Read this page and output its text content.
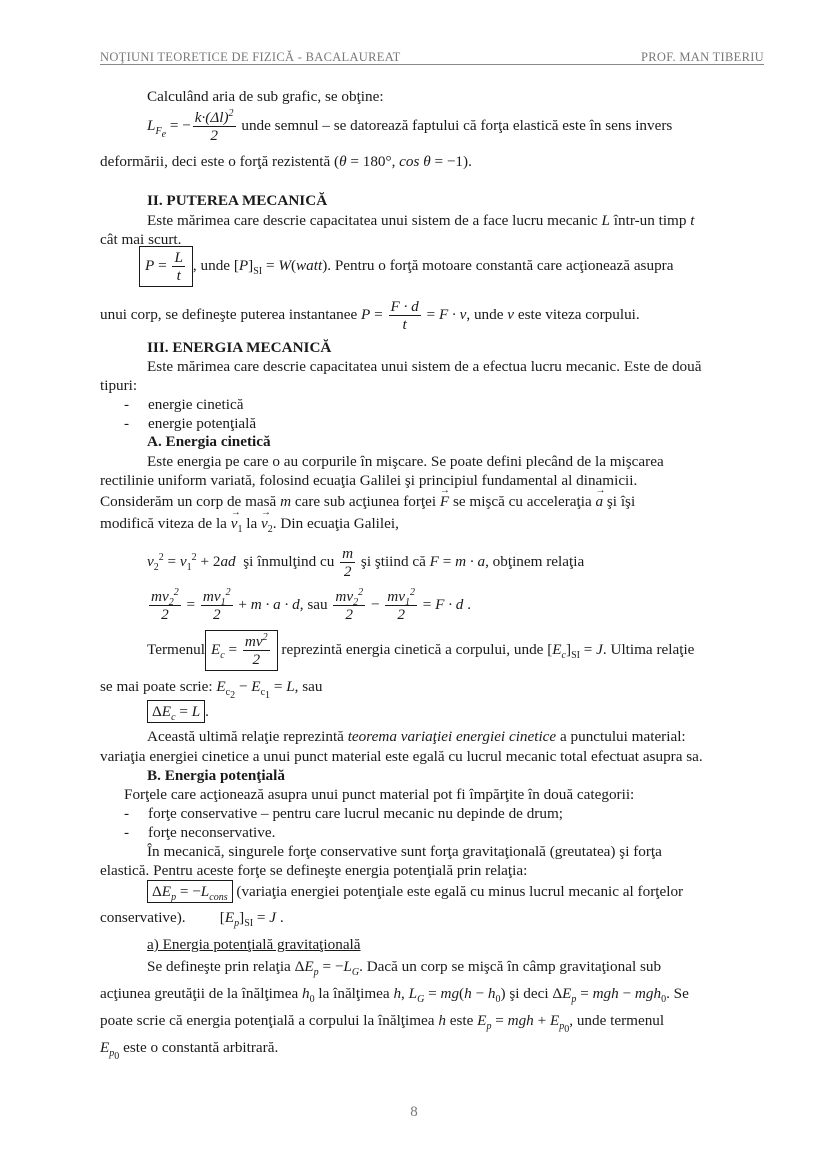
NOŢIUNI TEORETICE DE FIZICĂ - BACALAUREAT	PROF. MAN TIBERIU
Calculând aria de sub grafic, se obţine:
$L_{F_e}$ = − $\frac{k\cdot(\Delta l)^2}{2}$ unde semnul – se datorează faptului că forţa elastică este în sens invers
deformării, deci este o forţă rezistentă (θ = 180°, cos θ = −1).
II. PUTEREA MECANICĂ
Este mărimea care descrie capacitatea unui sistem de a face lucru mecanic L într-un timp t
cât mai scurt.
$P = \frac{L}{t}$ , unde $[P]_{SI}$ = W(watt). Pentru o forţă motoare constantă care acţionează asupra
unui corp, se defineşte puterea instantanee $P = \frac{F \cdot d}{t} = F \cdot v$, unde v este viteza corpului.
III. ENERGIA MECANICĂ
Este mărimea care descrie capacitatea unui sistem de a efectua lucru mecanic. Este de două
tipuri:
-     energie cinetică
-     energie potenţială
A. Energia cinetică
Este energia pe care o au corpurile în mişcare. Se poate defini plecând de la mişcarea
rectilinie uniform variată, folosind ecuaţia Galilei şi principiul fundamental al dinamicii.
Considerăm un corp de masă m care sub acţiunea forţei → F se mişcă cu acceleraţia → a şi îşi
modifică viteza de la → $v_1$ la → $v_2$. Din ecuaţia Galilei,
$v_2^2 = v_1^2 + 2ad$ şi înmulţind cu $\frac{m}{2}$ şi ştiind că F = m · a, obţinem relaţia
$\frac{mv_2^2}{2} = \frac{mv_1^2}{2} + m \cdot a \cdot d$, sau $\frac{mv_2^2}{2} - \frac{mv_1^2}{2} = F \cdot d$ .
Termenul $E_c = \frac{mv^2}{2}$ reprezintă energia cinetică a corpului, unde $[E_c]_{SI} = J$. Ultima relaţie
se mai poate scrie: $E_{c_2} - E_{c_1} = L$, sau
$\Delta E_c = L$ .
Această ultimă relaţie reprezintă teorema variaţiei energiei cinetice a punctului material:
variaţia energiei cinetice a unui punct material este egală cu lucrul mecanic total efectuat asupra sa.
B. Energia potenţială
Forţele care acţionează asupra unui punct material pot fi împărţite în două categorii:
-     forţe conservative – pentru care lucrul mecanic nu depinde de drum;
-     forţe neconservative.
În mecanică, singurele forţe conservative sunt forţa gravitaţională (greutatea) şi forţa
elastică. Pentru aceste forţe se defineşte energia potenţială prin relaţia:
$\Delta E_p = -L_{cons}$ (variaţia energiei potenţiale este egală cu minus lucrul mecanic al forţelor
conservative).         $[E_p]_{SI} = J$ .
a) Energia potenţială gravitaţională
Se defineşte prin relaţia $\Delta E_p = -L_G$. Dacă un corp se mişcă în câmp gravitaţional sub
acţiunea greutăţii de la înălţimea $h_0$ la înălţimea h, $L_G = mg(h - h_0)$ şi deci $\Delta E_p$ = mgh − mgh$_0$. Se
poate scrie că energia potenţială a corpului la înălţimea h este $E_p$ = mgh + $E_{p_0}$, unde termenul
$E_{p_0}$ este o constantă arbitrară.
8
